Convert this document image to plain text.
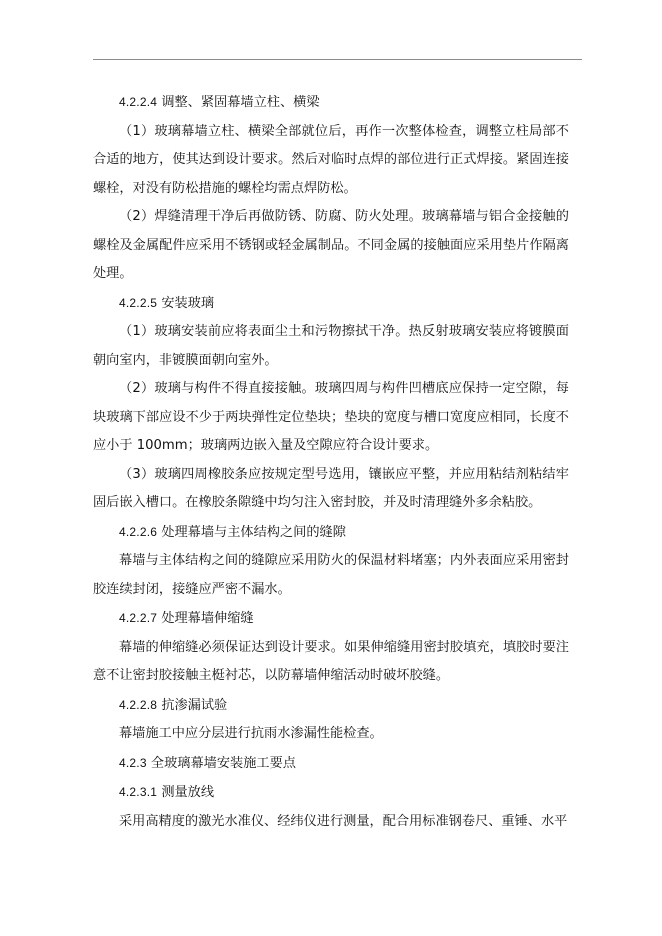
4.2.2.4 调整、紧固幕墙立柱、横梁

（1）玻璃幕墙立柱、横梁全部就位后，再作一次整体检查，调整立柱局部不合适的地方，使其达到设计要求。然后对临时点焊的部位进行正式焊接。紧固连接螺栓，对没有防松措施的螺栓均需点焊防松。

（2）焊缝清理干净后再做防锈、防腐、防火处理。玻璃幕墙与铝合金接触的螺栓及金属配件应采用不锈钢或轻金属制品。不同金属的接触面应采用垫片作隔离处理。

4.2.2.5 安装玻璃

（1）玻璃安装前应将表面尘土和污物擦拭干净。热反射玻璃安装应将镀膜面朝向室内，非镀膜面朝向室外。

（2）玻璃与构件不得直接接触。玻璃四周与构件凹槽底应保持一定空隙，每块玻璃下部应设不少于两块弹性定位垫块；垫块的宽度与槽口宽度应相同，长度不应小于 100mm；玻璃两边嵌入量及空隙应符合设计要求。

（3）玻璃四周橡胶条应按规定型号选用，镶嵌应平整，并应用粘结剂粘结牢固后嵌入槽口。在橡胶条隙缝中均匀注入密封胶，并及时清理缝外多余粘胶。

4.2.2.6 处理幕墙与主体结构之间的缝隙

幕墙与主体结构之间的缝隙应采用防火的保温材料堵塞；内外表面应采用密封胶连续封闭，接缝应严密不漏水。

4.2.2.7 处理幕墙伸缩缝

幕墙的伸缩缝必须保证达到设计要求。如果伸缩缝用密封胶填充，填胶时要注意不让密封胶接触主梃衬芯，以防幕墙伸缩活动时破坏胶缝。

4.2.2.8 抗渗漏试验

幕墙施工中应分层进行抗雨水渗漏性能检查。

4.2.3 全玻璃幕墙安装施工要点

4.2.3.1 测量放线

采用高精度的激光水准仪、经纬仪进行测量，配合用标准钢卷尺、重锤、水平
